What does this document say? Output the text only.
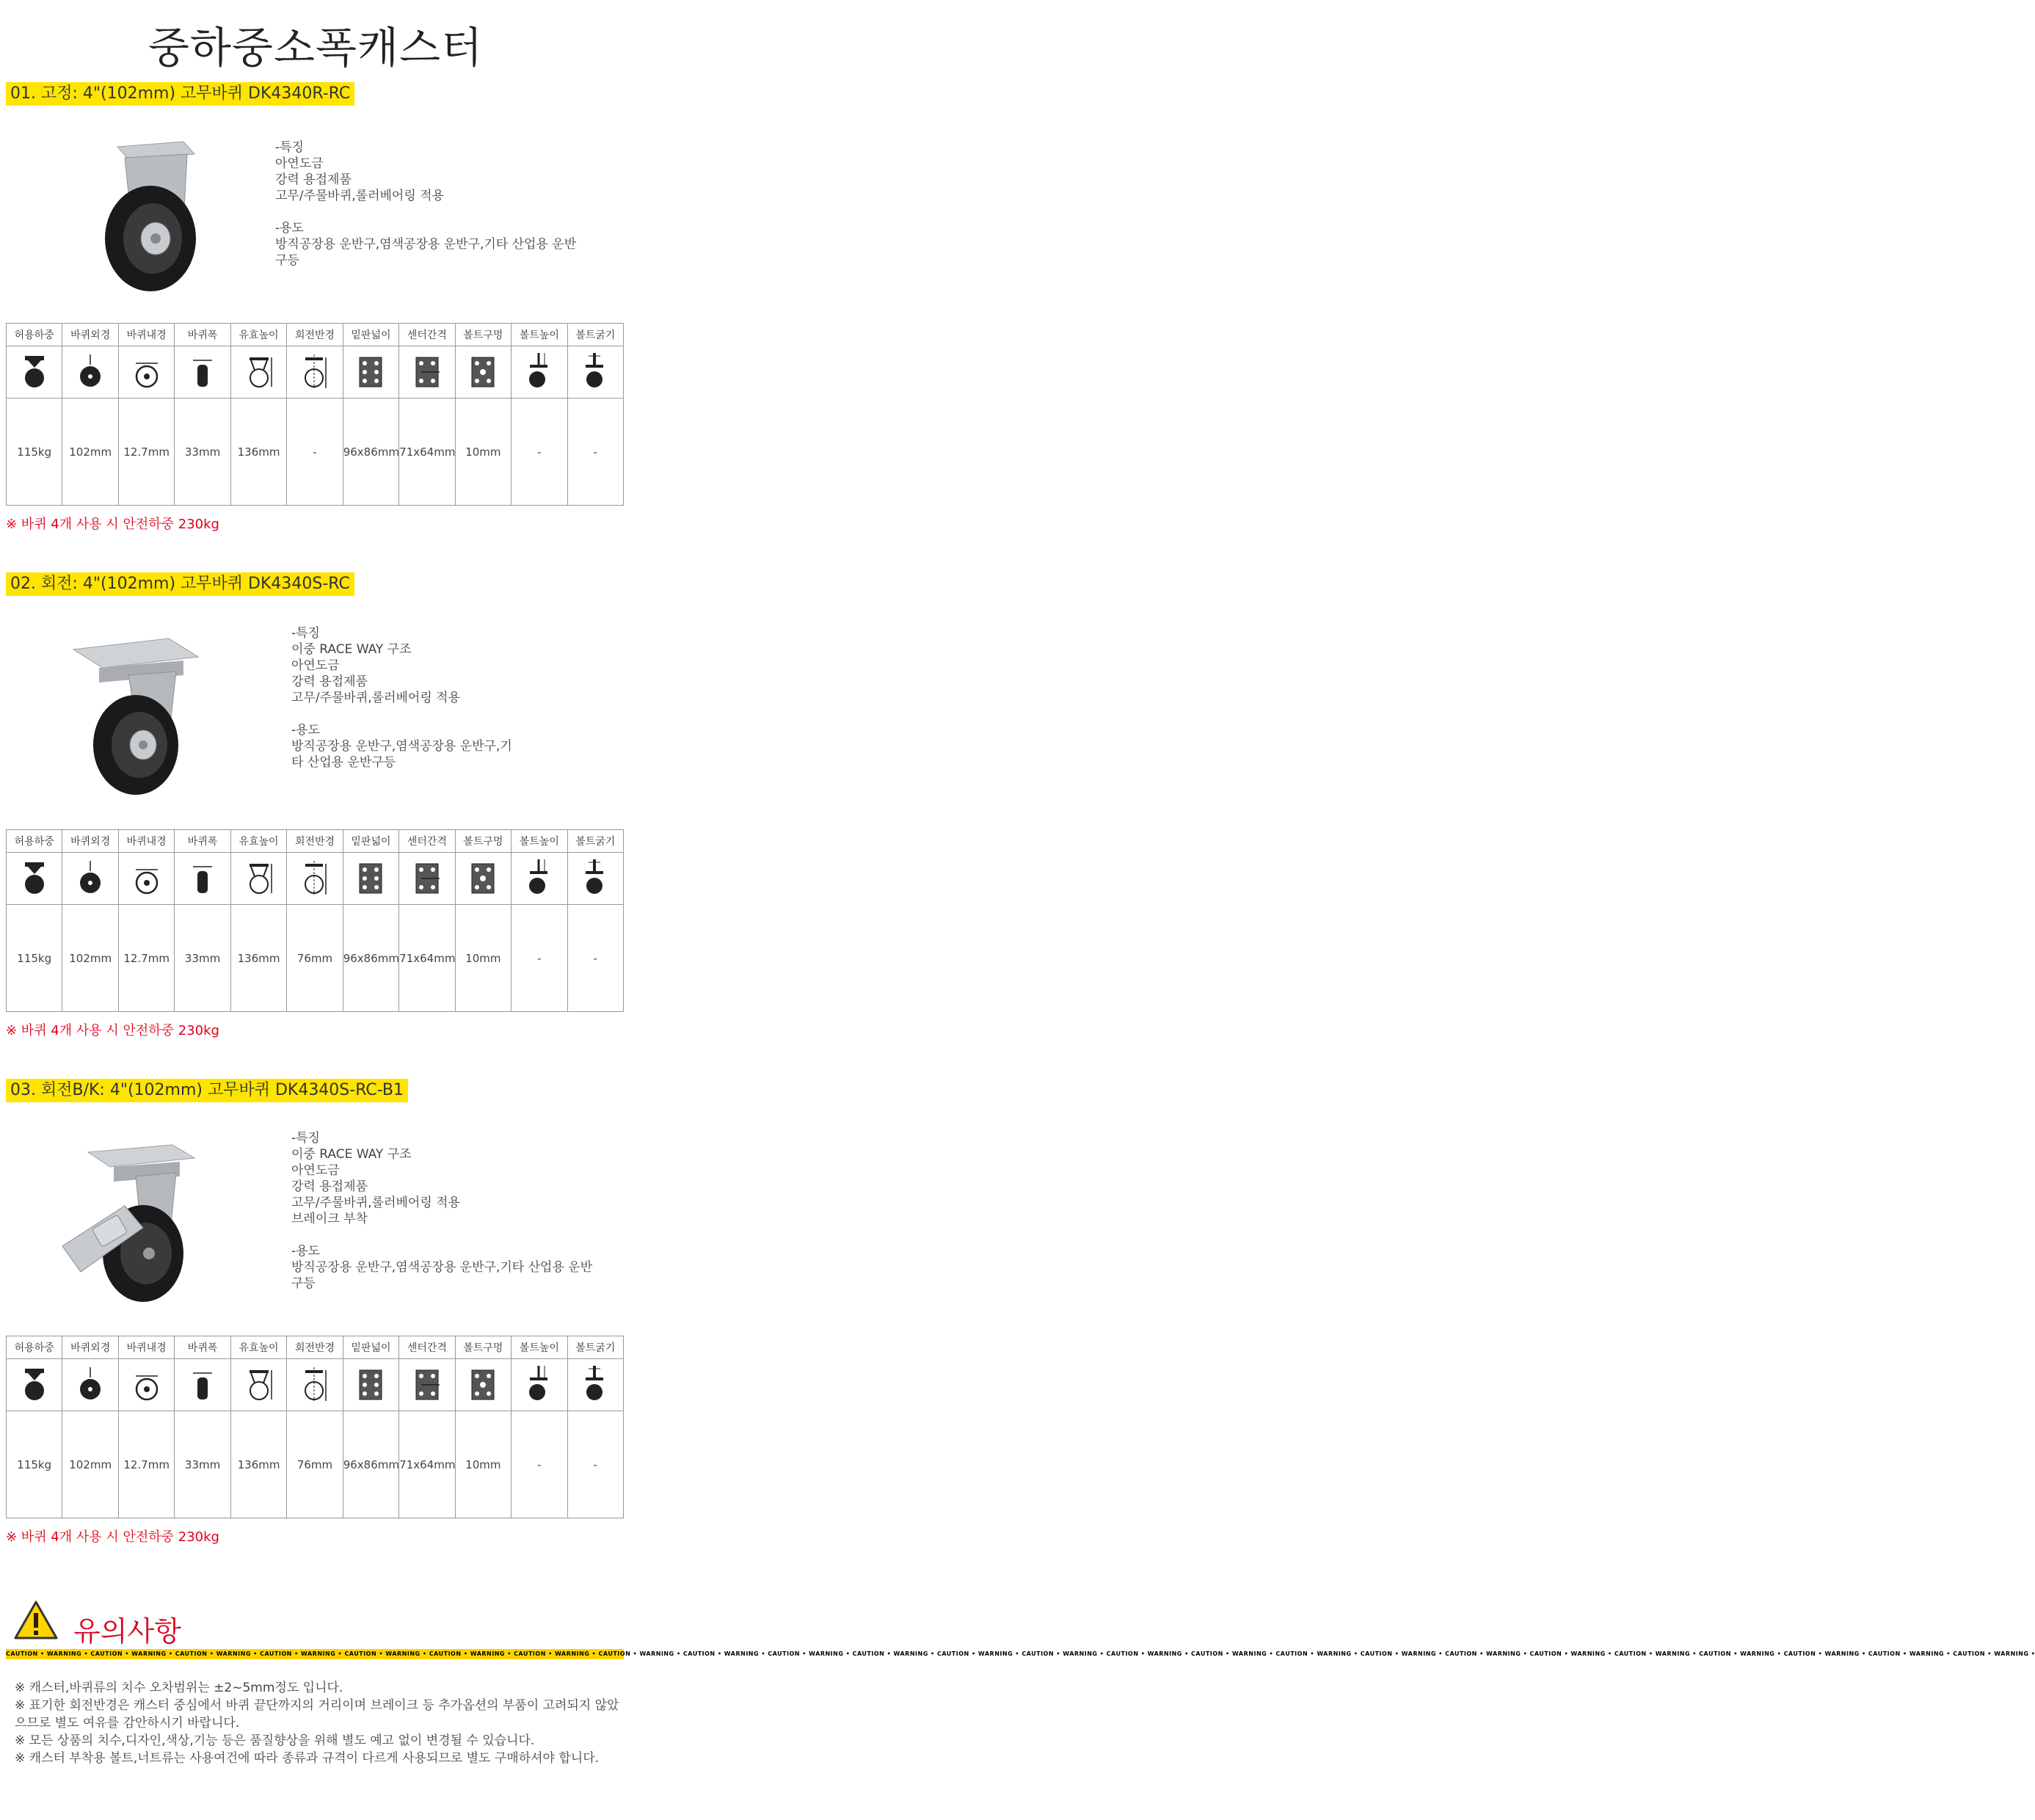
중하중소폭캐스터
01. 고정: 4"(102mm) 고무바퀴 DK4340R-RC
-특징
아연도금
강력 용접제품
고무/주물바퀴,롤러베어링 적용

-용도
방직공장용 운반구,염색공장용 운반구,기타 산업용 운반
구등
허용하중	바퀴외경	바퀴내경	바퀴폭	유효높이	회전반경	밑판넓이	센터간격	볼트구멍	볼트높이	볼트굵기

115kg	102mm	12.7mm	33mm	136mm	-	96x86mm	71x64mm	10mm	-	-
※ 바퀴 4개 사용 시 안전하중 230kg
02. 회전: 4"(102mm) 고무바퀴 DK4340S-RC
-특징
이중 RACE WAY 구조
아연도금
강력 용접제품
고무/주물바퀴,롤러베어링 적용

-용도
방직공장용 운반구,염색공장용 운반구,기
타 산업용 운반구등
허용하중	바퀴외경	바퀴내경	바퀴폭	유효높이	회전반경	밑판넓이	센터간격	볼트구멍	볼트높이	볼트굵기

115kg	102mm	12.7mm	33mm	136mm	76mm	96x86mm	71x64mm	10mm	-	-
※ 바퀴 4개 사용 시 안전하중 230kg
03. 회전B/K: 4"(102mm) 고무바퀴 DK4340S-RC-B1
-특징
이중 RACE WAY 구조
아연도금
강력 용접제품
고무/주물바퀴,롤러베어링 적용
브레이크 부착

-용도
방직공장용 운반구,염색공장용 운반구,기타 산업용 운반
구등
허용하중	바퀴외경	바퀴내경	바퀴폭	유효높이	회전반경	밑판넓이	센터간격	볼트구멍	볼트높이	볼트굵기

115kg	102mm	12.7mm	33mm	136mm	76mm	96x86mm	71x64mm	10mm	-	-
※ 바퀴 4개 사용 시 안전하중 230kg
유의사항
CAUTION • WARNING • CAUTION • WARNING • CAUTION • WARNING • CAUTION • WARNING • CAUTION • WARNING • CAUTION • WARNING • CAUTION • WARNING • CAUTION • WARNING • CAUTION • WARNING • CAUTION • WARNING • CAUTION • WARNING • CAUTION • WARNING • CAUTION • WARNING • CAUTION • WARNING • CAUTION • WARNING • CAUTION • WARNING • CAUTION • WARNING • CAUTION • WARNING • CAUTION • WARNING • CAUTION • WARNING • CAUTION • WARNING • CAUTION • WARNING • CAUTION • WARNING • CAUTION • WARNING •
※ 캐스터,바퀴류의 치수 오차범위는 ±2~5mm정도 입니다.
※ 표기한 회전반경은 캐스터 중심에서 바퀴 끝단까지의 거리이며 브레이크 등 추가옵션의 부품이 고려되지 않았으므로 별도 여유를 감안하시기 바랍니다.
※ 모든 상품의 치수,디자인,색상,기능 등은 품질향상을 위해 별도 예고 없이 변경될 수 있습니다.
※ 캐스터 부착용 볼트,너트류는 사용여건에 따라 종류과 규격이 다르게 사용되므로 별도 구매하셔야 합니다.
